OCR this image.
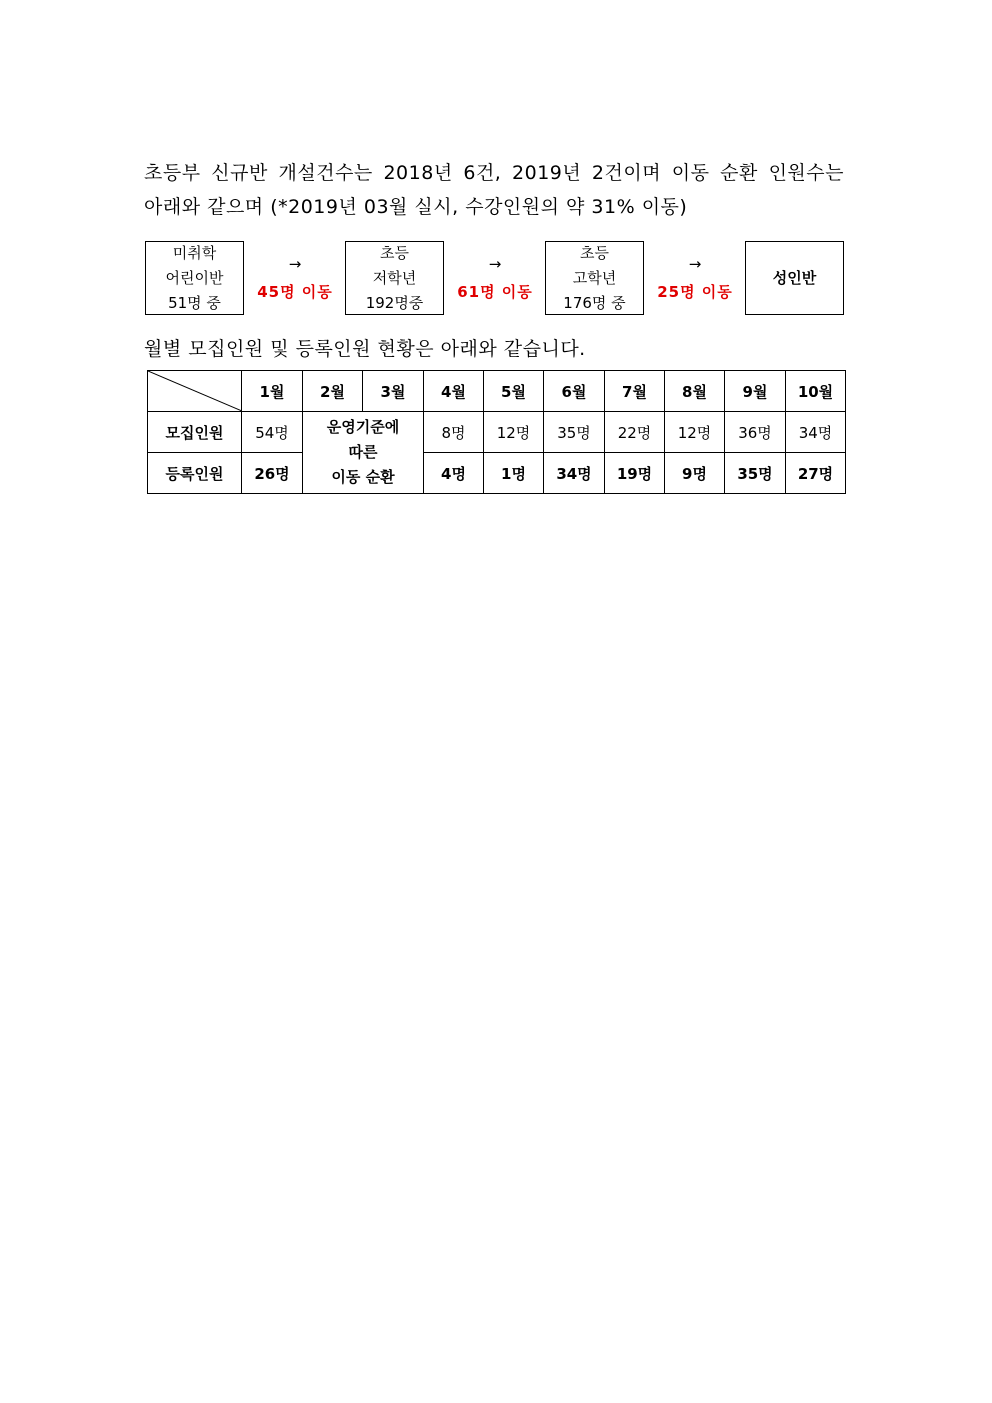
초등부 신규반 개설건수는 2018년 6건, 2019년 2건이며 이동 순환 인원수는
아래와 같으며 (*2019년 03월 실시, 수강인원의 약 31% 이동)
미취학
어린이반
51명 중
→
45명 이동
초등
저학년
192명중
→
61명 이동
초등
고학년
176명 중
→
25명 이동
성인반
월별 모집인원 및 등록인원 현황은 아래와 같습니다.
	1월	2월	3월	4월	5월	6월	7월	8월	9월	10월
모집인원	54명	운영기준에
따른
이동 순환		8명	12명	35명	22명	12명	36명	34명
등록인원	26명			4명	1명	34명	19명	9명	35명	27명
